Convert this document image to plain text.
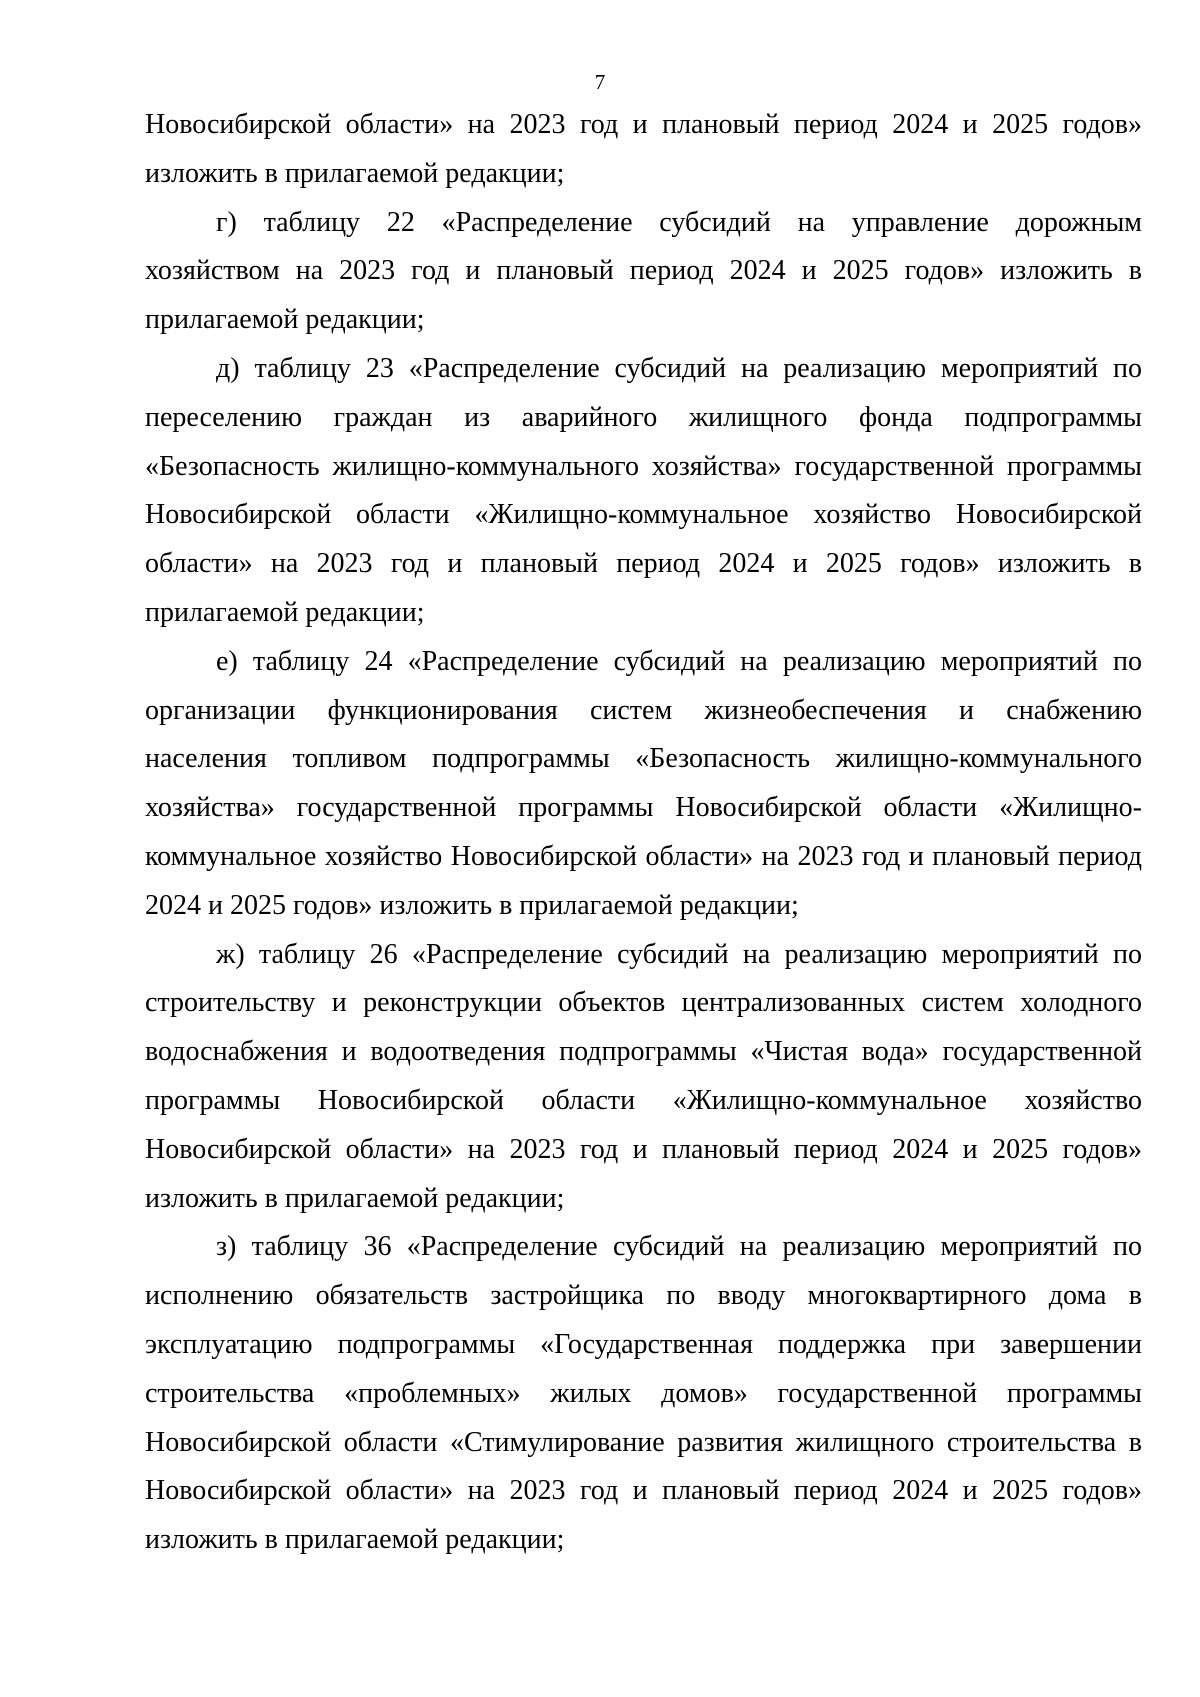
7

Новосибирской области» на 2023 год и плановый период 2024 и 2025 годов» изложить в прилагаемой редакции;

г) таблицу 22 «Распределение субсидий на управление дорожным хозяйством на 2023 год и плановый период 2024 и 2025 годов» изложить в прилагаемой редакции;

д) таблицу 23 «Распределение субсидий на реализацию мероприятий по переселению граждан из аварийного жилищного фонда подпрограммы «Безопасность жилищно-коммунального хозяйства» государственной программы Новосибирской области «Жилищно-коммунальное хозяйство Новосибирской области» на 2023 год и плановый период 2024 и 2025 годов» изложить в прилагаемой редакции;

е) таблицу 24 «Распределение субсидий на реализацию мероприятий по организации функционирования систем жизнеобеспечения и снабжению населения топливом подпрограммы «Безопасность жилищно-коммунального хозяйства» государственной программы Новосибирской области «Жилищно-коммунальное хозяйство Новосибирской области» на 2023 год и плановый период 2024 и 2025 годов» изложить в прилагаемой редакции;

ж) таблицу 26 «Распределение субсидий на реализацию мероприятий по строительству и реконструкции объектов централизованных систем холодного водоснабжения и водоотведения подпрограммы «Чистая вода» государственной программы Новосибирской области «Жилищно-коммунальное хозяйство Новосибирской области» на 2023 год и плановый период 2024 и 2025 годов» изложить в прилагаемой редакции;

з) таблицу 36 «Распределение субсидий на реализацию мероприятий по исполнению обязательств застройщика по вводу многоквартирного дома в эксплуатацию подпрограммы «Государственная поддержка при завершении строительства «проблемных» жилых домов» государственной программы Новосибирской области «Стимулирование развития жилищного строительства в Новосибирской области» на 2023 год и плановый период 2024 и 2025 годов» изложить в прилагаемой редакции;
